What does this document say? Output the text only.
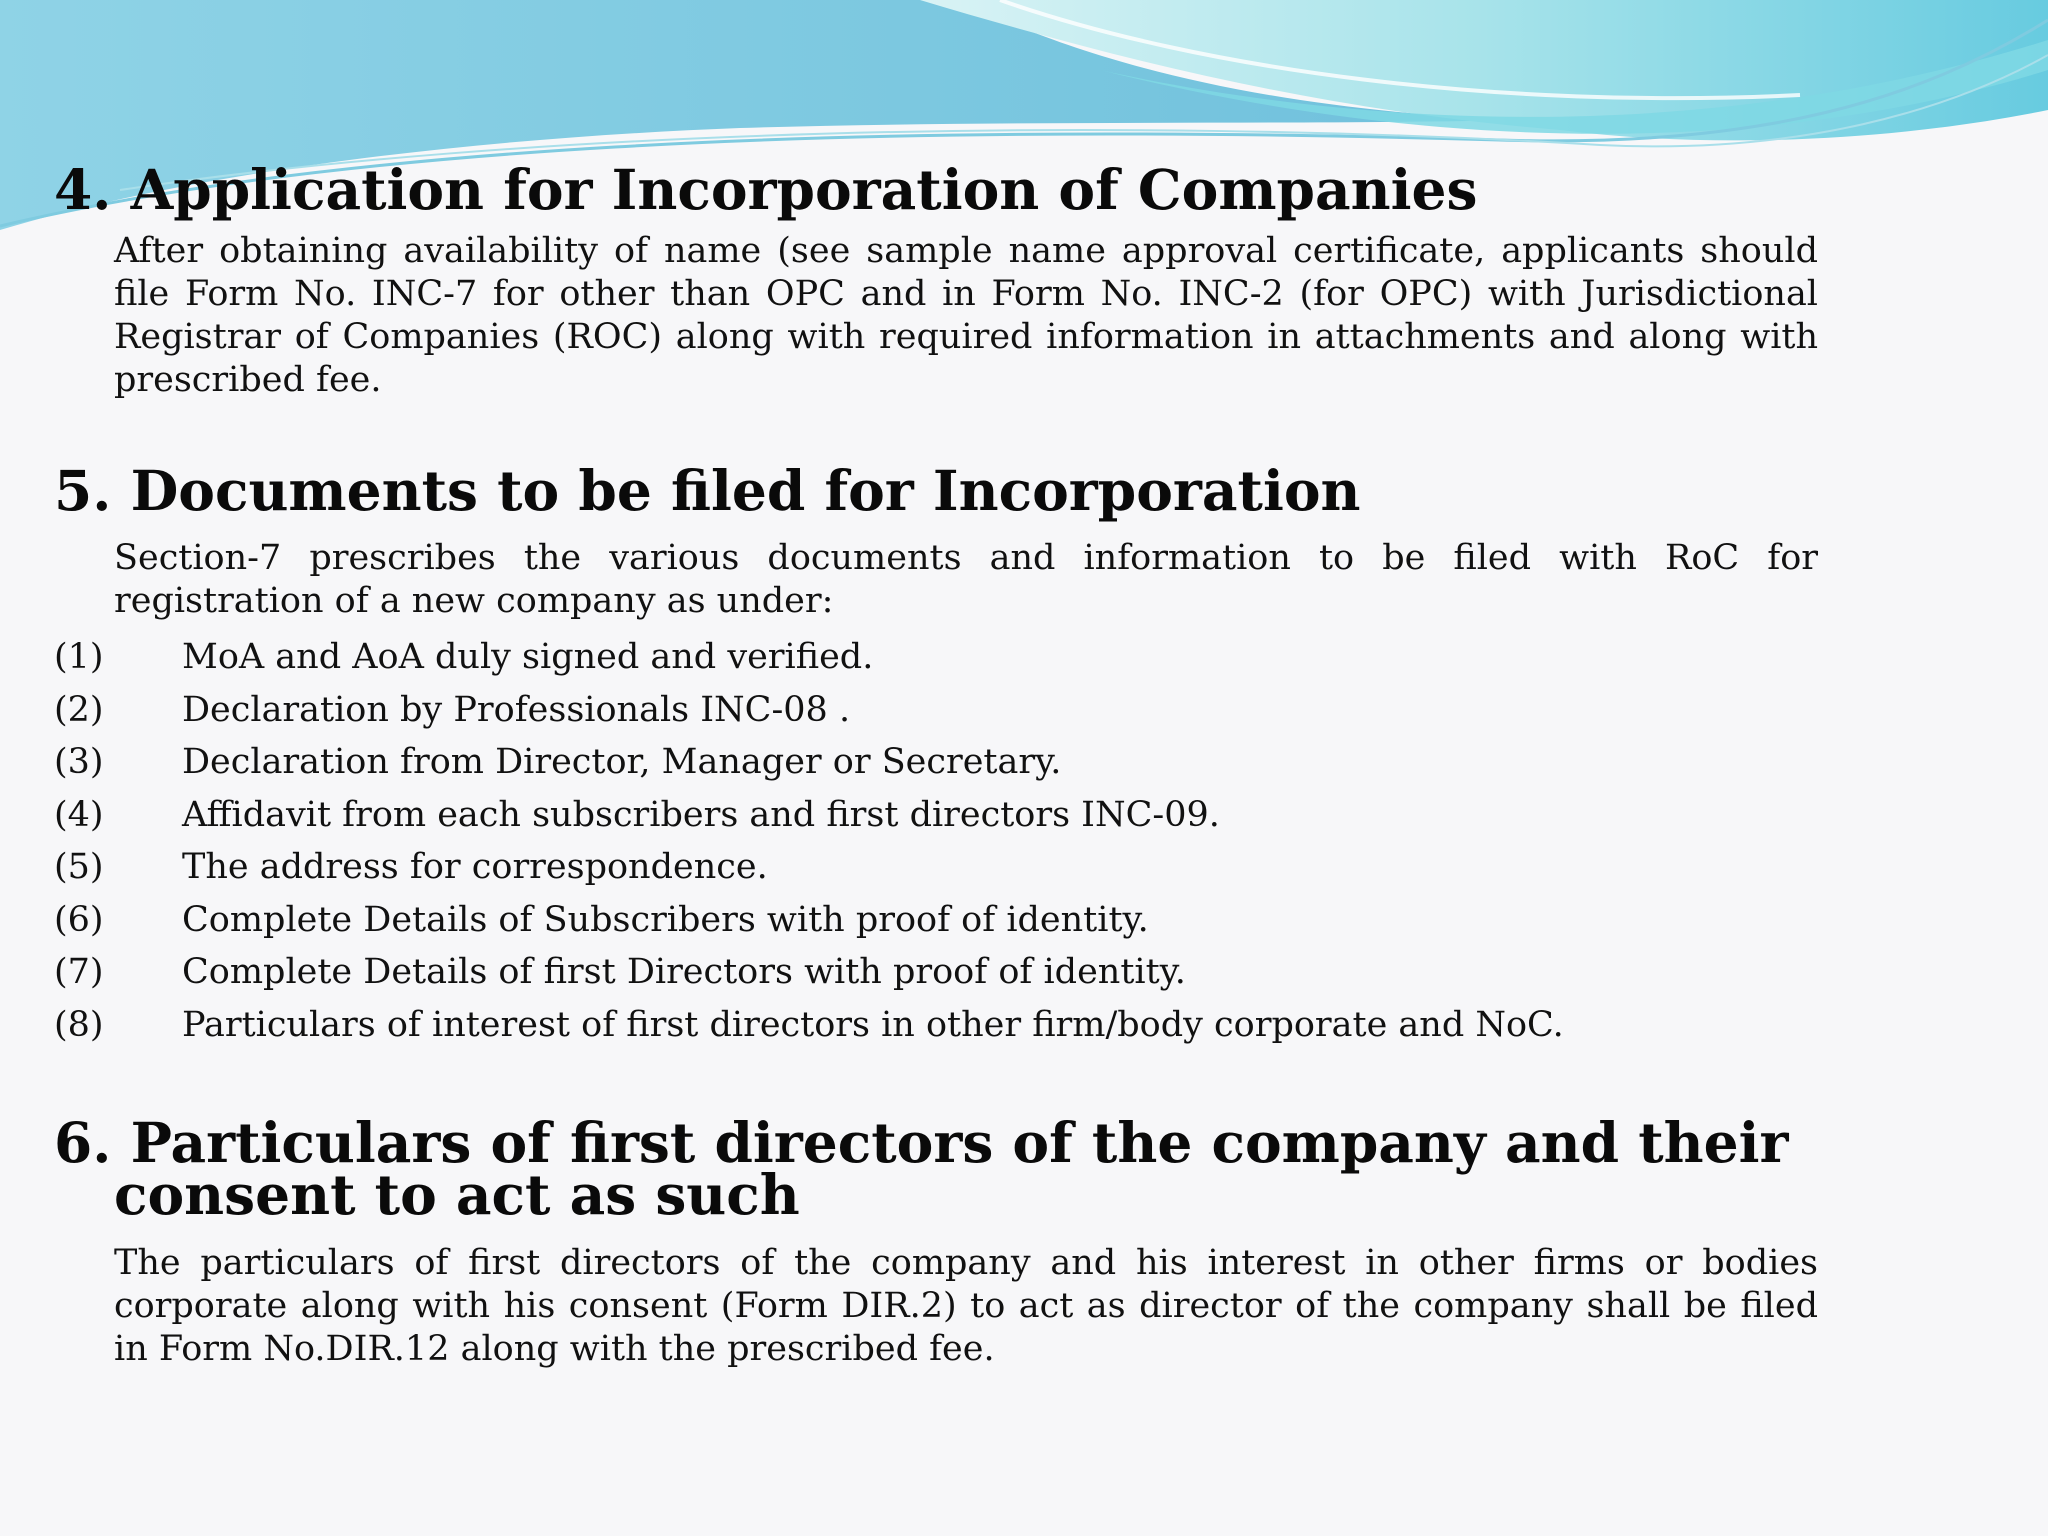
4. Application for Incorporation of Companies

After obtaining availability of name (see sample name approval certificate, applicants should file Form No. INC-7 for other than OPC and in Form No. INC-2 (for OPC) with Jurisdictional Registrar of Companies (ROC) along with required information in attachments and along with prescribed fee.

5. Documents to be filed for Incorporation

Section-7 prescribes the various documents and information to be filed with RoC for registration of a new company as under:

(1)	MoA and AoA duly signed and verified.
(2)	Declaration by Professionals INC-08 .
(3)	Declaration from Director, Manager or Secretary.
(4)	Affidavit from each subscribers and first directors INC-09.
(5)	The address for correspondence.
(6)	Complete Details of Subscribers with proof of identity.
(7)	Complete Details of first Directors with proof of identity.
(8)	Particulars of interest of first directors in other firm/body corporate and NoC.
6. Particulars of first directors of the company and their
consent to act as such

The particulars of first directors of the company and his interest in other firms or bodies corporate along with his consent (Form DIR.2) to act as director of the company shall be filed in Form No.DIR.12 along with the prescribed fee.
